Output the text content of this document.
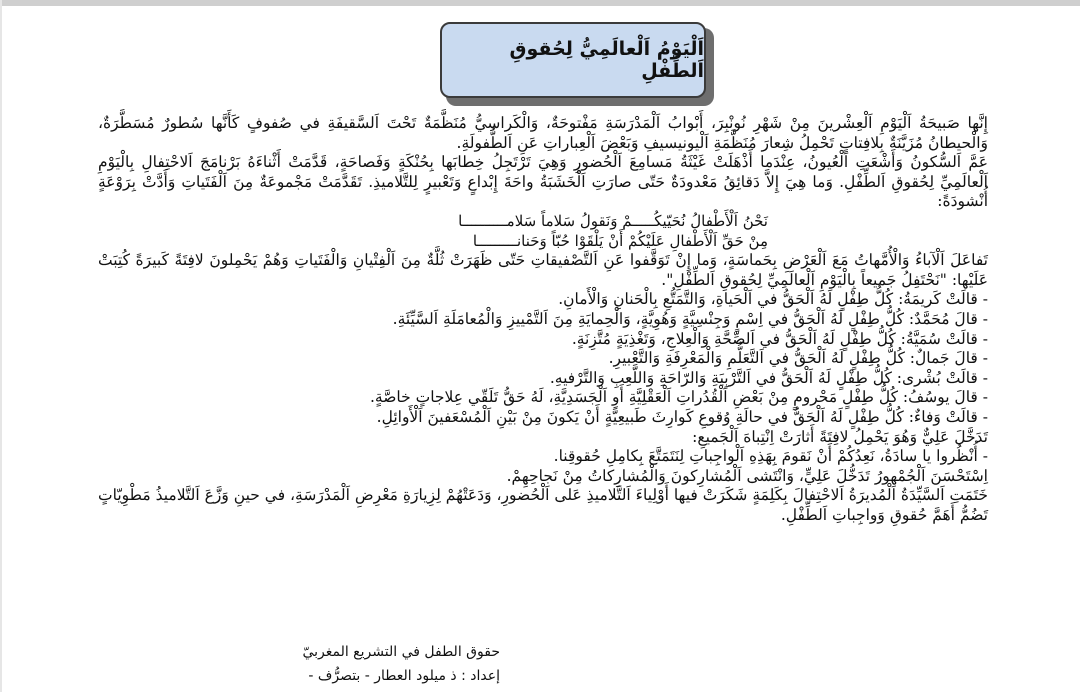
اَلْيَوْمُ اَلْعالَمِيُّ لِحُقوقِ اَلطِّفْلِ

إِنَّها صَبيحَةُ اَلْيَوْمِ اَلْعِشْرينَ مِنْ شَهْرِ نُونْبِرَ، أَبْوابُ اَلْمَدْرَسَةِ مَفْتوحَةٌ، وَالْكَراسِيُّ مُنَظَّمَةٌ تَحْتَ اَلسَّقيفَةِ في صُفوفٍ كَأَنَّها سُطورٌ مُسَطَّرَةٌ، وَالْحيطانُ مُزَيَّنَةٌ بِلافِتاتٍ تَحْمِلُ شِعارَ مُنَظَّمَةِ اَلْيونيسيفِ وَبَعْضَ اَلْعِباراتِ عَنِ اَلطُّفولَةِ.

عَمَّ اَلسُّكونُ وَأَشْعَتِ اَلْعُيونُ، عِنْدَما أَذْهَلَتْ غَيْثَةُ مَسامِعَ اَلْحُضورِ وَهِيَ تَرْتَجِلُ خِطابَها بِحُنْكَةٍ وَفَصاحَةٍ، قَدَّمَتْ أَثْناءَهُ بَرْنامَجَ اَلاحْتِفالِ بِالْيَوْمِ اَلْعالَمِيِّ لِحُقوقِ اَلطِّفْلِ. وَما هِيَ إِلاَّ دَقائِقُ مَعْدودَةٌ حَتّى صارَتِ اَلْخَشَبَةُ واحَةَ إِبْداعٍ وَتَعْبيرٍ لِلتَّلاميذِ. تَقَدَّمَتْ مَجْموعَةٌ مِنَ اَلْفَتَياتِ وَأَدَّتْ بِرَوْعَةٍ أُنْشودَةً:

نَحْنُ اَلْأَطْفالُ نُحَيّيكُـــــمْ وَنَقولُ سَلاماً سَلامــــــــــا
مِنْ حَقِّ اَلْأَطْفالِ عَلَيْكُمْ أَنْ يَلْقَوْا حُبّاً وَحَنانـــــــــا

تَفاعَلَ اَلْآباءُ وَالْأُمَّهاتُ مَعَ اَلْعَرْضِ بِحَماسَةٍ، وَما إِنْ تَوَقَّفوا عَنِ اَلتَّصْفيقاتِ حَتّى ظَهَرَتْ ثُلَّةٌ مِنَ اَلْفِتْيانِ وَالْفَتَياتِ وَهُمْ يَحْمِلونَ لافِتَةً كَبيرَةً كُتِبَتْ عَلَيْها: "نَحْتَفِلُ جَميعاً بِالْيَوْمِ اَلْعالَمِيِّ لِحُقوقِ اَلطِّفْلِ".

- قالَتْ كَريمَةُ: كُلُّ طِفْلٍ لَهُ اَلْحَقُّ في اَلْحَياةِ، وَالتَّمَتُّعِ بِالْحَنانِ وَالْأَمانِ.
- قالَ مُحَمَّدٌ: كُلُّ طِفْلٍ لَهُ اَلْحَقُّ في اِسْمٍ وَجِنْسِيَّةٍ وَهُوِيَّةٍ، وَالْحِمايَةِ مِنَ اَلتَّمْييزِ وَالْمُعامَلَةِ اَلسَّيِّئَةِ.
- قالَتْ سُمَيَّةُ: كُلُّ طِفْلٍ لَهُ اَلْحَقُّ في اَلصِّحَّةِ وَالْعِلاجِ، وَتَغْذِيَةٍ مُتَّزِنَةٍ.
- قالَ جَمالٌ: كُلُّ طِفْلٍ لَهُ اَلْحَقُّ في اَلتَّعَلُّمِ وَالْمَعْرِفَةِ وَالتَّعْبيرِ.
- قالَتْ بُشْرى: كُلُّ طِفْلٍ لَهُ اَلْحَقُّ في اَلتَّرْبِيَةِ وَالرّاحَةِ وَاللَّعِبِ وَالتَّرْفيهِ.
- قالَ يوسُفُ: كُلُّ طِفْلٍ مَحْرومٍ مِنْ بَعْضِ اَلْقُدُراتِ اَلْعَقْلِيَّةِ أَوِ اَلْجَسَدِيَّةِ، لَهُ حَقُّ تَلَقّي عِلاجاتٍ خاصَّةٍ.
- قالَتْ وَفاءٌ: كُلُّ طِفْلٍ لَهُ اَلْحَقُّ في حالَةِ وُقوعِ كَوارِثَ طَبيعِيَّةٍ أَنْ يَكونَ مِنْ بَيْنِ اَلْمُسْعَفينَ اَلْأَوائِلِ.

تَدَخَّلَ عَلِيٌّ وَهُوَ يَحْمِلُ لافِتَةً أَثارَتْ اِنْتِباهَ اَلْجَميعِ:

- أُنْظُروا يا سادَةُ، نَعِدُكُمْ أَنْ نَقومَ بِهَذِهِ اَلْواجِباتِ لِنَتَمَتَّعَ بِكامِلِ حُقوقِنا.

اِسْتَحْسَنَ اَلْجُمْهورُ تَدَخُّلَ عَلِيٍّ، وَانْتَشى اَلْمُشارِكونَ وَالْمُشارِكاتُ مِنْ نَجاحِهِمْ.

خَتَمَتِ اَلسَّيِّدَةُ اَلْمُديرَةُ اَلاحْتِفالَ بِكَلِمَةٍ شَكَرَتْ فيها أَوْلِياءَ اَلتَّلاميذِ عَلى اَلْحُضورِ، وَدَعَتْهُمْ لِزِيارَةِ مَعْرِضِ اَلْمَدْرَسَةِ، في حينِ وَزَّعَ اَلتَّلاميذُ مَطْوِيّاتٍ تَضُمُّ أَهَمَّ حُقوقِ وَواجِباتِ اَلطِّفْلِ.

حقوق الطفل في التشريع المغربيّ
إعداد : ذ ميلود العطار - بتصرُّف -
